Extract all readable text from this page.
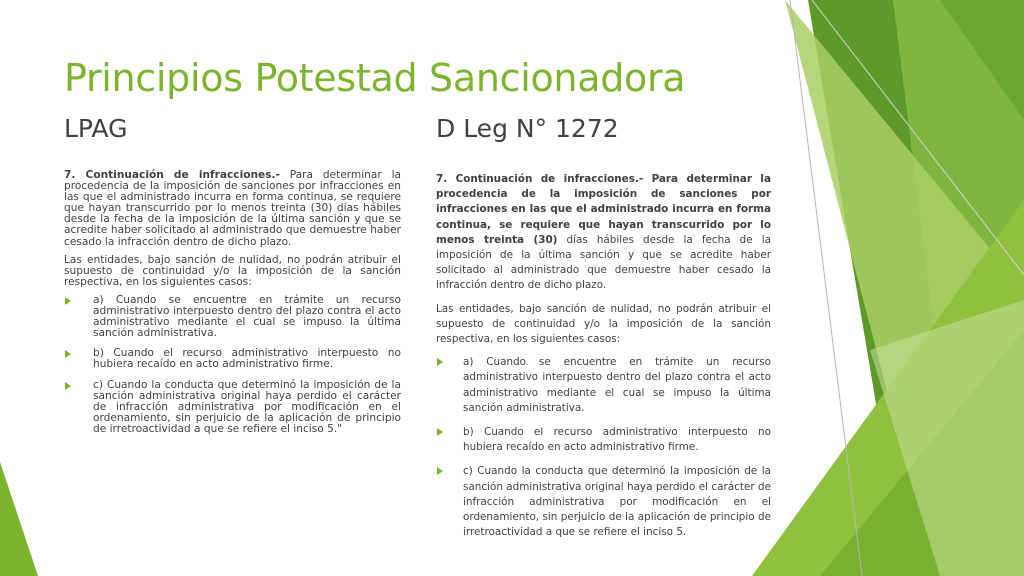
Principios Potestad Sancionadora
LPAG	D Leg N° 1272

7. Continuación de infracciones.- Para determinar la procedencia de la imposición de sanciones por infracciones en las que el administrado incurra en forma continua, se requiere que hayan transcurrido por lo menos treinta (30) días hábiles desde la fecha de la imposición de la última sanción y que se acredite haber solicitado al administrado que demuestre haber cesado la infracción dentro de dicho plazo.

Las entidades, bajo sanción de nulidad, no podrán atribuir el supuesto de continuidad y/o la imposición de la sanción respectiva, en los siguientes casos:

a) Cuando se encuentre en trámite un recurso administrativo interpuesto dentro del plazo contra el acto administrativo mediante el cual se impuso la última sanción administrativa.
b) Cuando el recurso administrativo interpuesto no hubiera recaído en acto administrativo firme.
c) Cuando la conducta que determinó la imposición de la sanción administrativa original haya perdido el carácter de infracción administrativa por modificación en el ordenamiento, sin perjuicio de la aplicación de principio de irretroactividad a que se refiere el inciso 5."

7. Continuación de infracciones.- Para determinar la procedencia de la imposición de sanciones por infracciones en las que el administrado incurra en forma continua, se requiere que hayan transcurrido por lo menos treinta (30) días hábiles desde la fecha de la imposición de la última sanción y que se acredite haber solicitado al administrado que demuestre haber cesado la infracción dentro de dicho plazo.

Las entidades, bajo sanción de nulidad, no podrán atribuir el supuesto de continuidad y/o la imposición de la sanción respectiva, en los siguientes casos:

a) Cuando se encuentre en trámite un recurso administrativo interpuesto dentro del plazo contra el acto administrativo mediante el cual se impuso la última sanción administrativa.
b) Cuando el recurso administrativo interpuesto no hubiera recaído en acto administrativo firme.
c) Cuando la conducta que determinó la imposición de la sanción administrativa original haya perdido el carácter de infracción administrativa por modificación en el ordenamiento, sin perjuicio de la aplicación de principio de irretroactividad a que se refiere el inciso 5.
